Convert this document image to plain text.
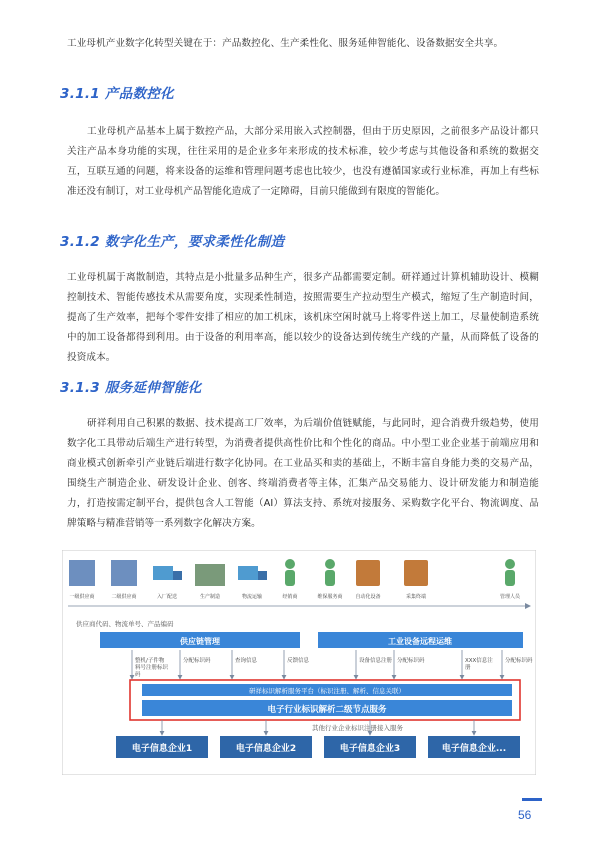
工业母机产业数字化转型关键在于：产品数控化、生产柔性化、服务延伸智能化、设备数据安全共享。
3.1.1 产品数控化
工业母机产品基本上属于数控产品，大部分采用嵌入式控制器，但由于历史原因，之前很多产品设计都只关注产品本身功能的实现，往往采用的是企业多年来形成的技术标准，较少考虑与其他设备和系统的数据交互，互联互通的问题，将来设备的运维和管理问题考虑也比较少，也没有遵循国家或行业标准，再加上有些标准还没有制订，对工业母机产品智能化造成了一定障碍，目前只能做到有限度的智能化。
3.1.2 数字化生产，要求柔性化制造
工业母机属于离散制造，其特点是小批量多品种生产，很多产品都需要定制。研祥通过计算机辅助设计、模糊控制技术、智能传感技术从需要角度，实现柔性制造，按照需要生产拉动型生产模式，缩短了生产制造时间，提高了生产效率，把每个零件安排了相应的加工机床，该机床空闲时就马上将零件送上加工，尽量使制造系统中的加工设备都得到利用。由于设备的利用率高，能以较少的设备达到传统生产线的产量，从而降低了设备的投资成本。
3.1.3 服务延伸智能化
研祥利用自己积累的数据、技术提高工厂效率，为后端价值链赋能，与此同时，迎合消费升级趋势，使用数字化工具带动后端生产进行转型，为消费者提供高性价比和个性化的商品。中小型工业企业基于前端应用和商业模式创新牵引产业链后端进行数字化协同。在工业品买和卖的基础上，不断丰富自身能力类的交易产品，围绕生产制造企业、研发设计企业、创客、终端消费者等主体，汇集产品交易能力、设计研发能力和制造能力，打造按需定制平台，提供包含人工智能（AI）算法支持、系统对接服务、采购数字化平台、物流调度、品牌策略与精准营销等一系列数字化解决方案。
一级供应商	二级供应商	入厂配送	生产制造	物流运输	经销商	维保服务商	自动化设备	采集终端	管理人员
供应商代码、物流单号、产品编码
供应链管理	工业设备远程运维
整机/子件物料号注册标识码
分配标识码	查询信息	反馈信息	设备信息注册 分配标识码	XXX信息注册
分配标识码
研祥标识解析服务平台（标识注册、解析、信息关联）
电子行业标识解析二级节点服务
其他行业企业标识注册接入服务
电子信息企业1	电子信息企业2	电子信息企业3	电子信息企业...
56
